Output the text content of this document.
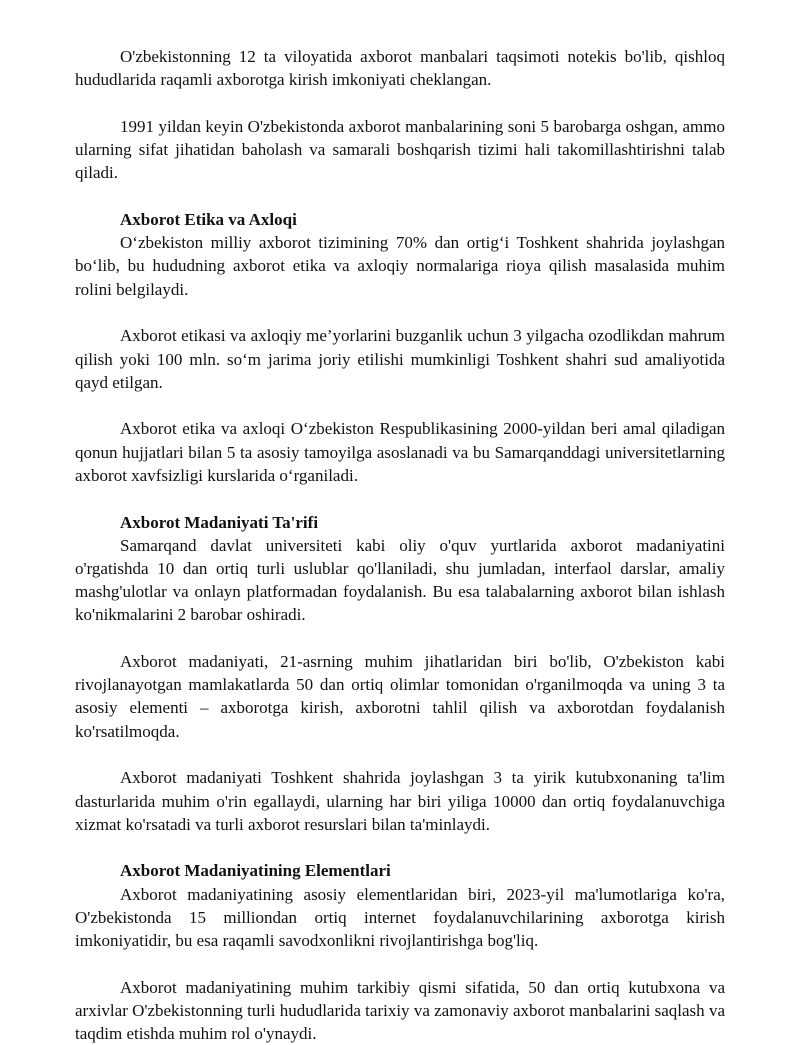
O'zbekistonning 12 ta viloyatida axborot manbalari taqsimoti notekis bo'lib, qishloq hududlarida raqamli axborotga kirish imkoniyati cheklangan.

1991 yildan keyin O'zbekistonda axborot manbalarining soni 5 barobarga oshgan, ammo ularning sifat jihatidan baholash va samarali boshqarish tizimi hali takomillashtirishni talab qiladi.

Axborot Etika va Axloqi

O‘zbekiston milliy axborot tizimining 70% dan ortig‘i Toshkent shahrida joylashgan bo‘lib, bu hududning axborot etika va axloqiy normalariga rioya qilish masalasida muhim rolini belgilaydi.

Axborot etikasi va axloqiy me’yorlarini buzganlik uchun 3 yilgacha ozodlikdan mahrum qilish yoki 100 mln. so‘m jarima joriy etilishi mumkinligi Toshkent shahri sud amaliyotida qayd etilgan.

Axborot etika va axloqi O‘zbekiston Respublikasining 2000-yildan beri amal qiladigan qonun hujjatlari bilan 5 ta asosiy tamoyilga asoslanadi va bu Samarqanddagi universitetlarning axborot xavfsizligi kurslarida o‘rganiladi.

Axborot Madaniyati Ta'rifi

Samarqand davlat universiteti kabi oliy o'quv yurtlarida axborot madaniyatini o'rgatishda 10 dan ortiq turli uslublar qo'llaniladi, shu jumladan, interfaol darslar, amaliy mashg'ulotlar va onlayn platformadan foydalanish. Bu esa talabalarning axborot bilan ishlash ko'nikmalarini 2 barobar oshiradi.

Axborot madaniyati, 21-asrning muhim jihatlaridan biri bo'lib, O'zbekiston kabi rivojlanayotgan mamlakatlarda 50 dan ortiq olimlar tomonidan o'rganilmoqda va uning 3 ta asosiy elementi – axborotga kirish, axborotni tahlil qilish va axborotdan foydalanish ko'rsatilmoqda.

Axborot madaniyati Toshkent shahrida joylashgan 3 ta yirik kutubxonaning ta'lim dasturlarida muhim o'rin egallaydi, ularning har biri yiliga 10000 dan ortiq foydalanuvchiga xizmat ko'rsatadi va turli axborot resurslari bilan ta'minlaydi.

Axborot Madaniyatining Elementlari

Axborot madaniyatining asosiy elementlaridan biri, 2023-yil ma'lumotlariga ko'ra, O'zbekistonda 15 milliondan ortiq internet foydalanuvchilarining axborotga kirish imkoniyatidir, bu esa raqamli savodxonlikni rivojlantirishga bog'liq.

Axborot madaniyatining muhim tarkibiy qismi sifatida, 50 dan ortiq kutubxona va arxivlar O'zbekistonning turli hududlarida tarixiy va zamonaviy axborot manbalarini saqlash va taqdim etishda muhim rol o'ynaydi.
